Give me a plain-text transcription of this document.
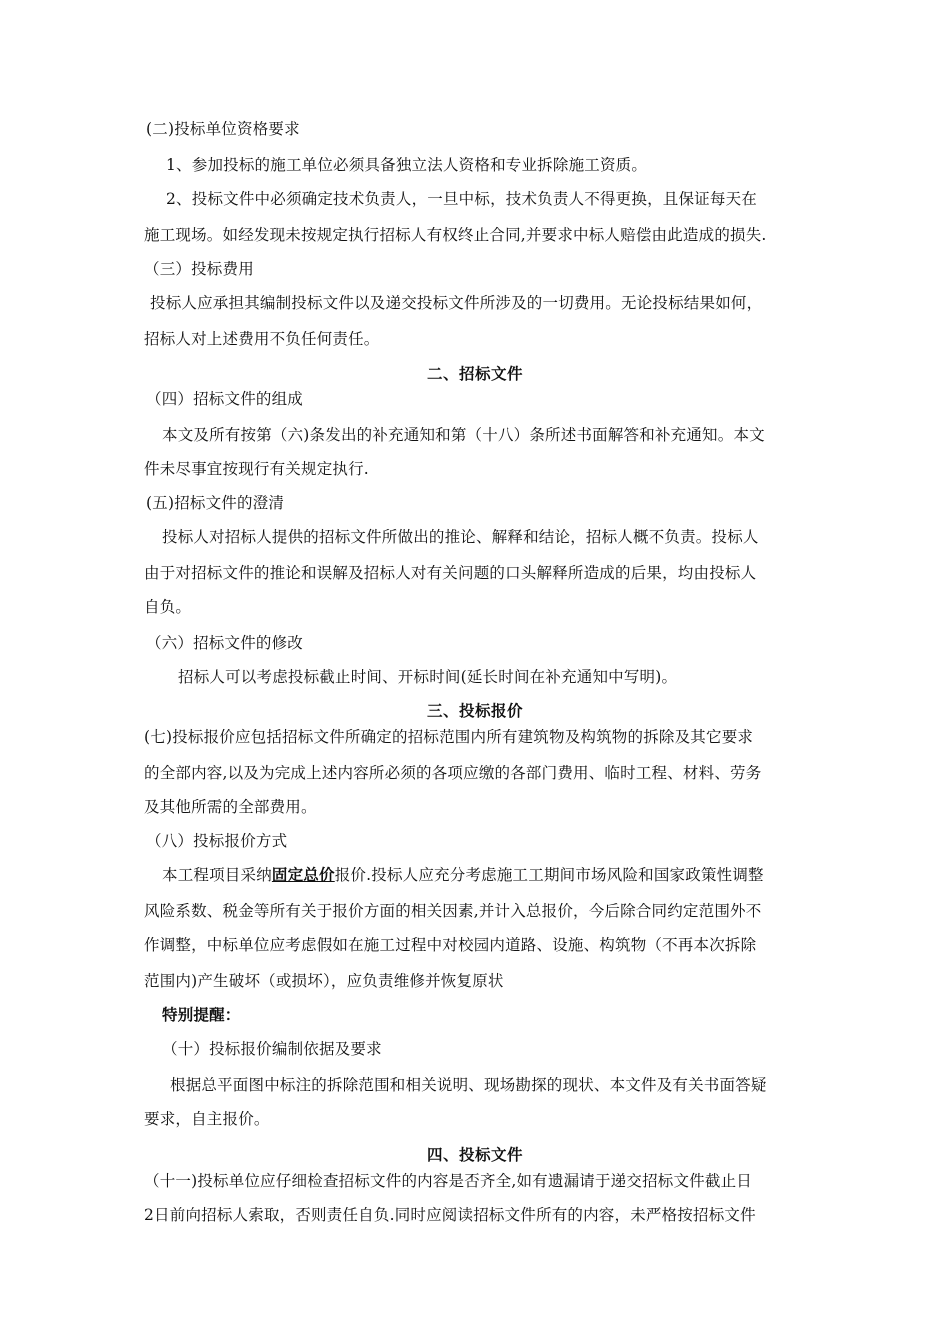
(二)投标单位资格要求
1、参加投标的施工单位必须具备独立法人资格和专业拆除施工资质。
2、投标文件中必须确定技术负责人，一旦中标，技术负责人不得更换，且保证每天在
施工现场。如经发现未按规定执行招标人有权终止合同,并要求中标人赔偿由此造成的损失.
（三）投标费用
投标人应承担其编制投标文件以及递交投标文件所涉及的一切费用。无论投标结果如何，
招标人对上述费用不负任何责任。
二、招标文件
（四）招标文件的组成
本文及所有按第（六)条发出的补充通知和第（十八）条所述书面解答和补充通知。本文
件未尽事宜按现行有关规定执行.
(五)招标文件的澄清
投标人对招标人提供的招标文件所做出的推论、解释和结论，招标人概不负责。投标人
由于对招标文件的推论和误解及招标人对有关问题的口头解释所造成的后果，均由投标人
自负。
（六）招标文件的修改
招标人可以考虑投标截止时间、开标时间(延长时间在补充通知中写明)。
三、投标报价
(七)投标报价应包括招标文件所确定的招标范围内所有建筑物及构筑物的拆除及其它要求
的全部内容,以及为完成上述内容所必须的各项应缴的各部门费用、临时工程、材料、劳务
及其他所需的全部费用。
（八）投标报价方式
本工程项目采纳固定总价报价.投标人应充分考虑施工工期间市场风险和国家政策性调整
风险系数、税金等所有关于报价方面的相关因素,并计入总报价，今后除合同约定范围外不
作调整，中标单位应考虑假如在施工过程中对校园内道路、设施、构筑物（不再本次拆除
范围内)产生破坏（或损坏），应负责维修并恢复原状
特别提醒：
（十）投标报价编制依据及要求
根据总平面图中标注的拆除范围和相关说明、现场勘探的现状、本文件及有关书面答疑
要求，自主报价。
四、投标文件
（十一)投标单位应仔细检查招标文件的内容是否齐全,如有遗漏请于递交招标文件截止日
2日前向招标人索取，否则责任自负.同时应阅读招标文件所有的内容，未严格按招标文件
